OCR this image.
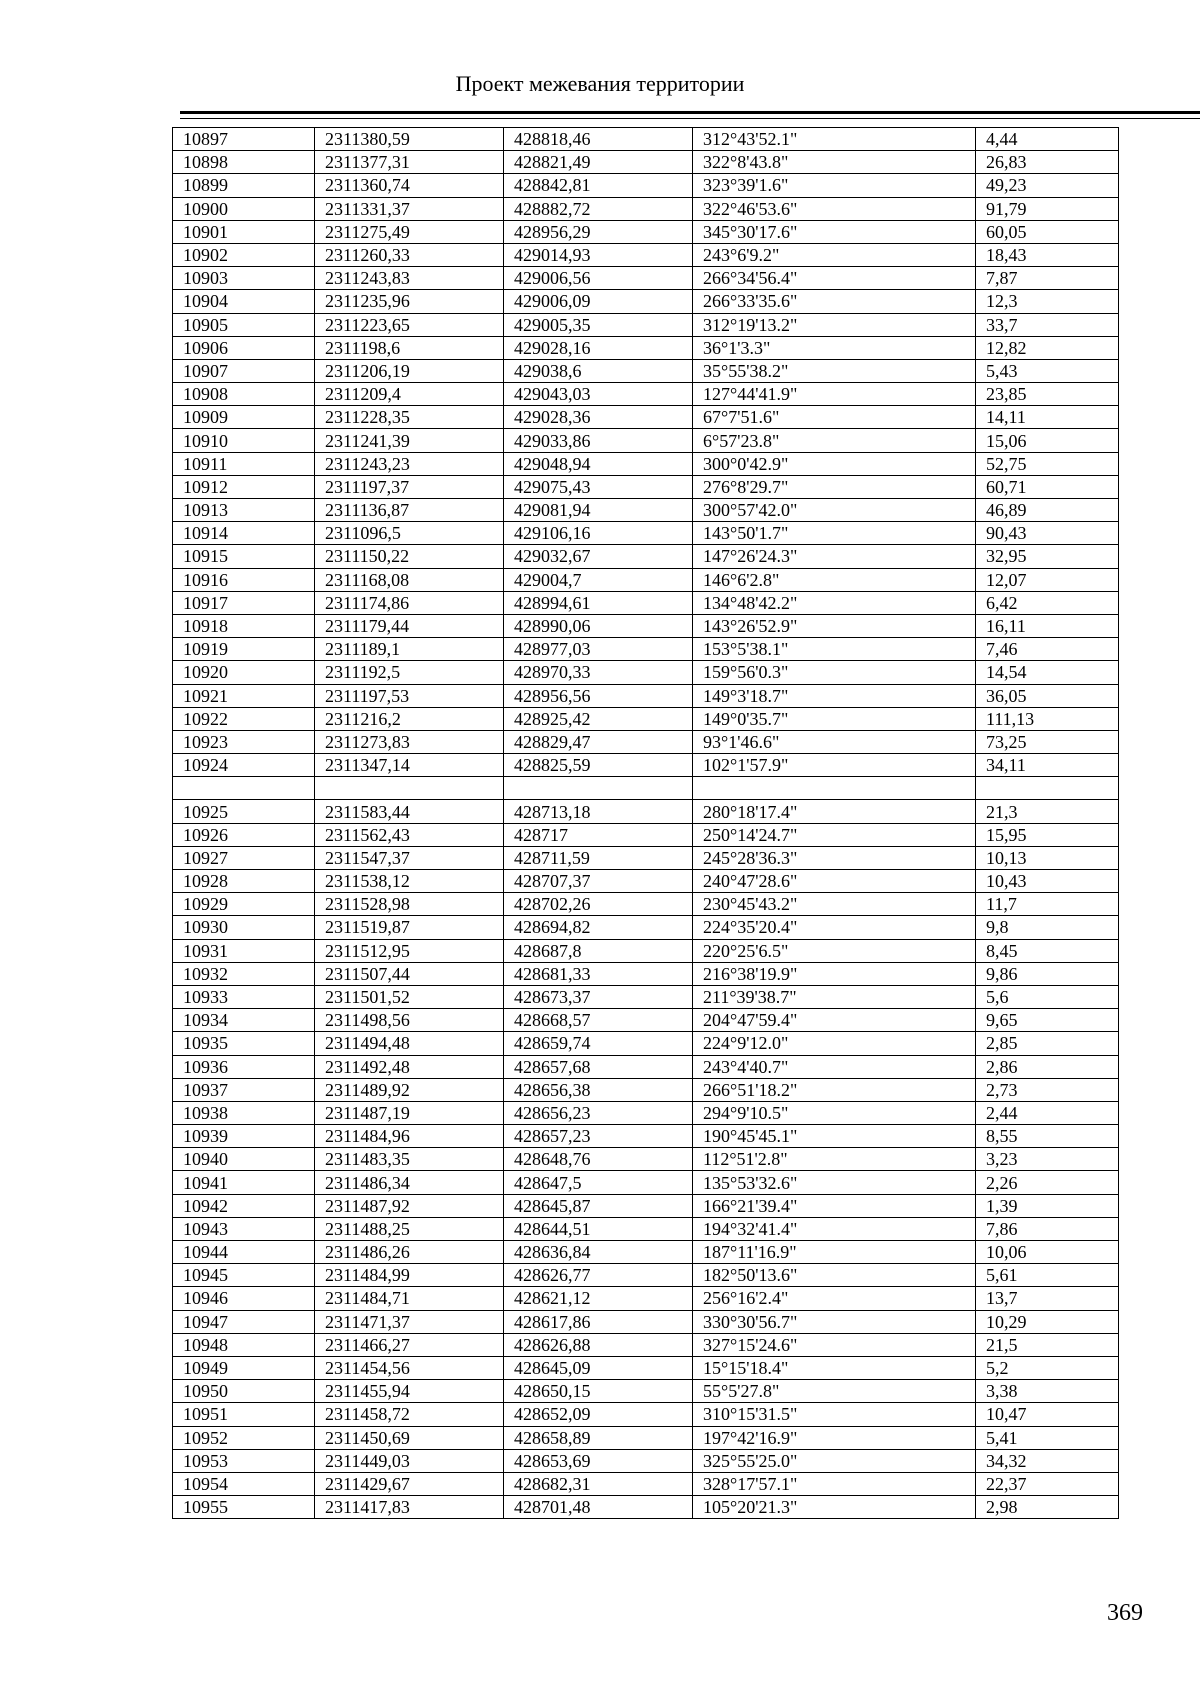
Проект межевания территории
10897	2311380,59	428818,46	312°43'52.1"	4,44
10898	2311377,31	428821,49	322°8'43.8"	26,83
10899	2311360,74	428842,81	323°39'1.6"	49,23
10900	2311331,37	428882,72	322°46'53.6"	91,79
10901	2311275,49	428956,29	345°30'17.6"	60,05
10902	2311260,33	429014,93	243°6'9.2"	18,43
10903	2311243,83	429006,56	266°34'56.4"	7,87
10904	2311235,96	429006,09	266°33'35.6"	12,3
10905	2311223,65	429005,35	312°19'13.2"	33,7
10906	2311198,6	429028,16	36°1'3.3"	12,82
10907	2311206,19	429038,6	35°55'38.2"	5,43
10908	2311209,4	429043,03	127°44'41.9"	23,85
10909	2311228,35	429028,36	67°7'51.6"	14,11
10910	2311241,39	429033,86	6°57'23.8"	15,06
10911	2311243,23	429048,94	300°0'42.9"	52,75
10912	2311197,37	429075,43	276°8'29.7"	60,71
10913	2311136,87	429081,94	300°57'42.0"	46,89
10914	2311096,5	429106,16	143°50'1.7"	90,43
10915	2311150,22	429032,67	147°26'24.3"	32,95
10916	2311168,08	429004,7	146°6'2.8"	12,07
10917	2311174,86	428994,61	134°48'42.2"	6,42
10918	2311179,44	428990,06	143°26'52.9"	16,11
10919	2311189,1	428977,03	153°5'38.1"	7,46
10920	2311192,5	428970,33	159°56'0.3"	14,54
10921	2311197,53	428956,56	149°3'18.7"	36,05
10922	2311216,2	428925,42	149°0'35.7"	111,13
10923	2311273,83	428829,47	93°1'46.6"	73,25
10924	2311347,14	428825,59	102°1'57.9"	34,11

10925	2311583,44	428713,18	280°18'17.4"	21,3
10926	2311562,43	428717	250°14'24.7"	15,95
10927	2311547,37	428711,59	245°28'36.3"	10,13
10928	2311538,12	428707,37	240°47'28.6"	10,43
10929	2311528,98	428702,26	230°45'43.2"	11,7
10930	2311519,87	428694,82	224°35'20.4"	9,8
10931	2311512,95	428687,8	220°25'6.5"	8,45
10932	2311507,44	428681,33	216°38'19.9"	9,86
10933	2311501,52	428673,37	211°39'38.7"	5,6
10934	2311498,56	428668,57	204°47'59.4"	9,65
10935	2311494,48	428659,74	224°9'12.0"	2,85
10936	2311492,48	428657,68	243°4'40.7"	2,86
10937	2311489,92	428656,38	266°51'18.2"	2,73
10938	2311487,19	428656,23	294°9'10.5"	2,44
10939	2311484,96	428657,23	190°45'45.1"	8,55
10940	2311483,35	428648,76	112°51'2.8"	3,23
10941	2311486,34	428647,5	135°53'32.6"	2,26
10942	2311487,92	428645,87	166°21'39.4"	1,39
10943	2311488,25	428644,51	194°32'41.4"	7,86
10944	2311486,26	428636,84	187°11'16.9"	10,06
10945	2311484,99	428626,77	182°50'13.6"	5,61
10946	2311484,71	428621,12	256°16'2.4"	13,7
10947	2311471,37	428617,86	330°30'56.7"	10,29
10948	2311466,27	428626,88	327°15'24.6"	21,5
10949	2311454,56	428645,09	15°15'18.4"	5,2
10950	2311455,94	428650,15	55°5'27.8"	3,38
10951	2311458,72	428652,09	310°15'31.5"	10,47
10952	2311450,69	428658,89	197°42'16.9"	5,41
10953	2311449,03	428653,69	325°55'25.0"	34,32
10954	2311429,67	428682,31	328°17'57.1"	22,37
10955	2311417,83	428701,48	105°20'21.3"	2,98
369
